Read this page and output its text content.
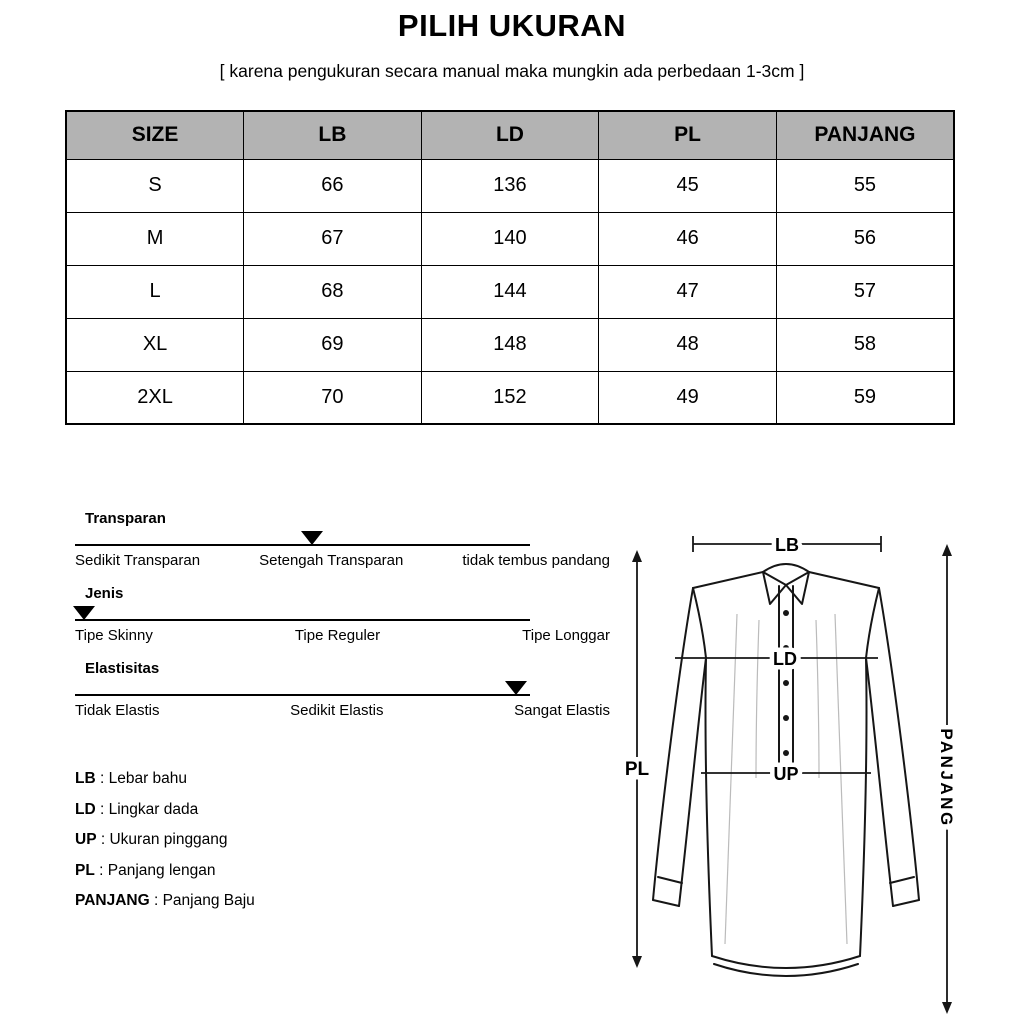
PILIH UKURAN
[ karena pengukuran secara manual maka mungkin ada perbedaan 1-3cm ]
SIZE	LB	LD	PL	PANJANG
S	66	136	45	55
M	67	140	46	56
L	68	144	47	57
XL	69	148	48	58
2XL	70	152	49	59
Transparan
Sedikit Transparan	Setengah Transparan	tidak tembus pandang
Jenis
Tipe Skinny	Tipe Reguler	Tipe Longgar
Elastisitas
Tidak Elastis	Sedikit Elastis	Sangat Elastis
LB : Lebar bahu
LD : Lingkar dada
UP : Ukuran pinggang
PL : Panjang lengan
PANJANG : Panjang Baju
LB
LD
UP
PL	PANJANG
